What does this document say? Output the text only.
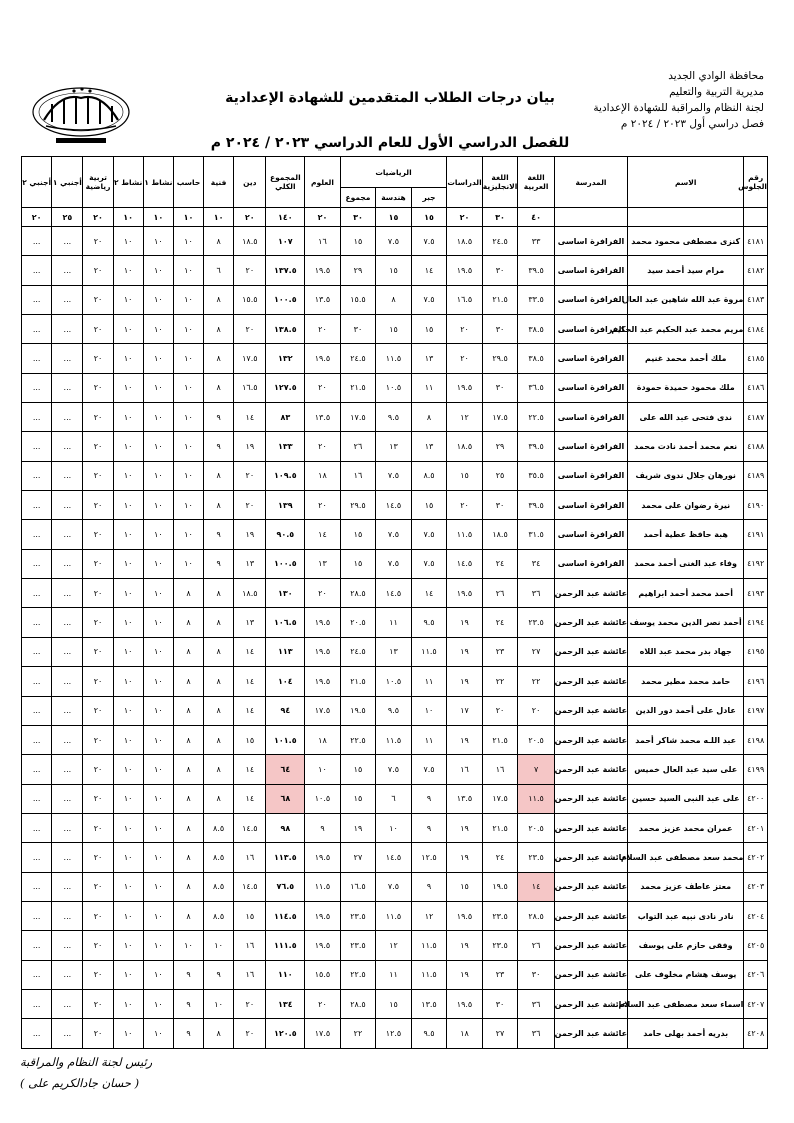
محافظة الوادي الجديد
مديرية التربية والتعليم
لجنة النظام والمراقبة للشهادة الإعدادية
فصل دراسي أول ٢٠٢٣ / ٢٠٢٤ م
بيان درجات الطلاب المتقدمين للشهادة الإعدادية
للفصل الدراسي الأول للعام الدراسي ٢٠٢٣ / ٢٠٢٤ م
رقم الجلوس	الاسم	المدرسة	اللغة العربية	اللغة الانجليزية	الدراسات	الرياضيات			العلوم	المجموع الكلي	دين	فنية	حاسب	نشاط ١	نشاط ٢	تربية رياضية	أجنبي ١	أجنبي ٢
						جبر	هندسة	مجموع										
			٤٠	٣٠	٢٠	١٥	١٥	٣٠	٢٠	١٤٠	٢٠	١٠	١٠	١٠	١٠	٢٠	٢٥	٢٠
٤١٨١	كنزى مصطفى محمود محمد	الفرافرة اساسى	٣٣	٢٤.٥	١٨.٥	٧.٥	٧.٥	١٥	١٦	١٠٧	١٨.٥	٨	١٠	١٠	١٠	٢٠	...	...
٤١٨٢	مرام سيد أحمد سيد	الفرافرة اساسى	٣٩.٥	٣٠	١٩.٥	١٤	١٥	٢٩	١٩.٥	١٣٧.٥	٢٠	٦	١٠	١٠	١٠	٢٠	...	...
٤١٨٣	مروة عبد الله شاهين عبد العال	الفرافرة اساسى	٣٣.٥	٢١.٥	١٦.٥	٧.٥	٨	١٥.٥	١٣.٥	١٠٠.٥	١٥.٥	٨	١٠	١٠	١٠	٢٠	...	...
٤١٨٤	مريم محمد عبد الحكيم عبد الحكيم	الفرافرة اساسى	٣٨.٥	٣٠	٢٠	١٥	١٥	٣٠	٢٠	١٣٨.٥	٢٠	٨	١٠	١٠	١٠	٢٠	...	...
٤١٨٥	ملك أحمد محمد غنيم	الفرافرة اساسى	٣٨.٥	٢٩.٥	٢٠	١٣	١١.٥	٢٤.٥	١٩.٥	١٣٢	١٧.٥	٨	١٠	١٠	١٠	٢٠	...	...
٤١٨٦	ملك محمود حميدة حمودة	الفرافرة اساسى	٣٦.٥	٣٠	١٩.٥	١١	١٠.٥	٢١.٥	٢٠	١٢٧.٥	١٦.٥	٨	١٠	١٠	١٠	٢٠	...	...
٤١٨٧	ندى فتحى عبد الله على	الفرافرة اساسى	٢٢.٥	١٧.٥	١٢	٨	٩.٥	١٧.٥	١٣.٥	٨٣	١٤	٩	١٠	١٠	١٠	٢٠	...	...
٤١٨٨	نعم محمد أحمد نادت محمد	الفرافرة اساسى	٣٩.٥	٢٩	١٨.٥	١٣	١٣	٢٦	٢٠	١٣٣	١٩	٩	١٠	١٠	١٠	٢٠	...	...
٤١٨٩	نورهان جلال ندوى شريف	الفرافرة اساسى	٣٥.٥	٢٥	١٥	٨.٥	٧.٥	١٦	١٨	١٠٩.٥	٢٠	٨	١٠	١٠	١٠	٢٠	...	...
٤١٩٠	نيرة رضوان على محمد	الفرافرة اساسى	٣٩.٥	٣٠	٢٠	١٥	١٤.٥	٢٩.٥	٢٠	١٣٩	٢٠	٨	١٠	١٠	١٠	٢٠	...	...
٤١٩١	هبة حافظ عطية أحمد	الفرافرة اساسى	٣١.٥	١٨.٥	١١.٥	٧.٥	٧.٥	١٥	١٤	٩٠.٥	١٩	٩	١٠	١٠	١٠	٢٠	...	...
٤١٩٢	وفاء عبد الغنى أحمد محمد	الفرافرة اساسى	٣٤	٢٤	١٤.٥	٧.٥	٧.٥	١٥	١٣	١٠٠.٥	١٣	٩	١٠	١٠	١٠	٢٠	...	...
٤١٩٣	أحمد محمد أحمد ابراهيم	عائشة عبد الرحمن	٣٦	٢٦	١٩.٥	١٤	١٤.٥	٢٨.٥	٢٠	١٣٠	١٨.٥	٨	٨	١٠	١٠	٢٠	...	...
٤١٩٤	أحمد نصر الدين محمد يوسف	عائشة عبد الرحمن	٢٣.٥	٢٤	١٩	٩.٥	١١	٢٠.٥	١٩.٥	١٠٦.٥	١٣	٨	٨	١٠	١٠	٢٠	...	...
٤١٩٥	جهاد بدر محمد عبد اللاه	عائشة عبد الرحمن	٢٧	٢٣	١٩	١١.٥	١٣	٢٤.٥	١٩.٥	١١٣	١٤	٨	٨	١٠	١٠	٢٠	...	...
٤١٩٦	حامد محمد مطير محمد	عائشة عبد الرحمن	٢٢	٢٢	١٩	١١	١٠.٥	٢١.٥	١٩.٥	١٠٤	١٤	٨	٨	١٠	١٠	٢٠	...	...
٤١٩٧	عادل على أحمد دور الدين	عائشة عبد الرحمن	٢٠	٢٠	١٧	١٠	٩.٥	١٩.٥	١٧.٥	٩٤	١٤	٨	٨	١٠	١٠	٢٠	...	...
٤١٩٨	عبد اللـه محمد شاكر أحمد	عائشة عبد الرحمن	٢٠.٥	٢١.٥	١٩	١١	١١.٥	٢٢.٥	١٨	١٠١.٥	١٥	٨	٨	١٠	١٠	٢٠	...	...
٤١٩٩	على سيد عبد العال خميس	عائشة عبد الرحمن	٧	١٦	١٦	٧.٥	٧.٥	١٥	١٠	٦٤	١٤	٨	٨	١٠	١٠	٢٠	...	...
٤٢٠٠	على عبد النبى السيد حسين	عائشة عبد الرحمن	١١.٥	١٧.٥	١٣.٥	٩	٦	١٥	١٠.٥	٦٨	١٤	٨	٨	١٠	١٠	٢٠	...	...
٤٢٠١	عمران محمد عزيز محمد	عائشة عبد الرحمن	٢٠.٥	٢١.٥	١٩	٩	١٠	١٩	٩	٩٨	١٤.٥	٨.٥	٨	١٠	١٠	٢٠	...	...
٤٢٠٢	محمد سعد مصطفى عبد السلام	عائشة عبد الرحمن	٢٣.٥	٢٤	١٩	١٢.٥	١٤.٥	٢٧	١٩.٥	١١٣.٥	١٦	٨.٥	٨	١٠	١٠	٢٠	...	...
٤٢٠٣	معتز عاطف عزيز محمد	عائشة عبد الرحمن	١٤	١٩.٥	١٥	٩	٧.٥	١٦.٥	١١.٥	٧٦.٥	١٤.٥	٨.٥	٨	١٠	١٠	٢٠	...	...
٤٢٠٤	نادر نادى نبيه عبد التواب	عائشة عبد الرحمن	٢٨.٥	٢٣.٥	١٩.٥	١٢	١١.٥	٢٣.٥	١٩.٥	١١٤.٥	١٥	٨.٥	٨	١٠	١٠	٢٠	...	...
٤٢٠٥	وفقى حازم على يوسف	عائشة عبد الرحمن	٢٦	٢٣.٥	١٩	١١.٥	١٢	٢٣.٥	١٩.٥	١١١.٥	١٦	١٠	١٠	١٠	١٠	٢٠	...	...
٤٢٠٦	يوسف هشام مخلوف على	عائشة عبد الرحمن	٣٠	٢٣	١٩	١١.٥	١١	٢٢.٥	١٥.٥	١١٠	١٦	٩	٩	١٠	١٠	٢٠	...	...
٤٢٠٧	اسماء سعد مصطفى عبد السلام	عائشة عبد الرحمن	٣٦	٣٠	١٩.٥	١٣.٥	١٥	٢٨.٥	٢٠	١٣٤	٢٠	١٠	٩	١٠	١٠	٢٠	...	...
٤٢٠٨	بدريه أحمد بهلى حامد	عائشة عبد الرحمن	٣٦	٢٧	١٨	٩.٥	١٢.٥	٢٢	١٧.٥	١٢٠.٥	٢٠	٨	٩	١٠	١٠	٢٠	...	...
رئيس لجنة النظام والمراقبة
( حسان جادالكريم على )
